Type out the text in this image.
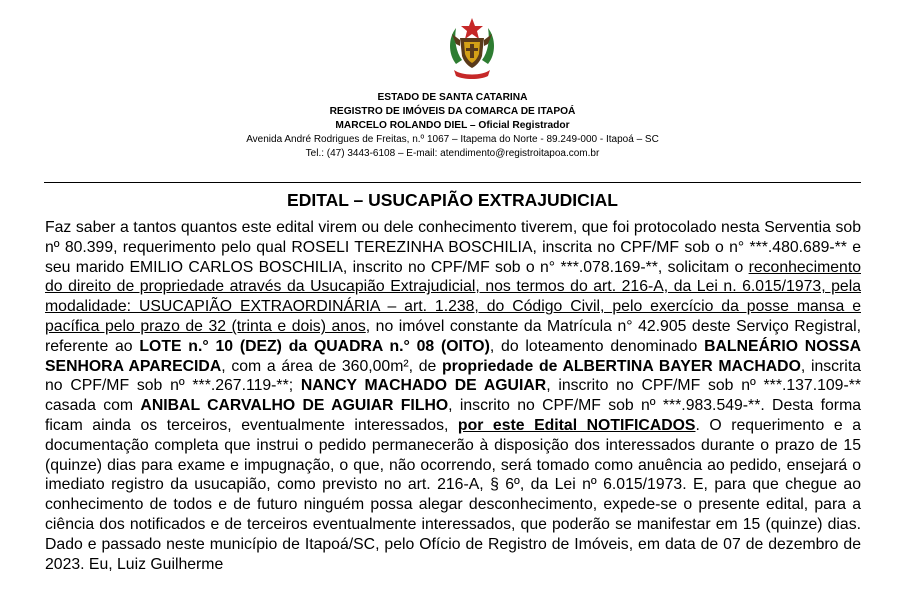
ESTADO DE SANTA CATARINA
REGISTRO DE IMÓVEIS DA COMARCA DE ITAPOÁ
MARCELO ROLANDO DIEL – Oficial Registrador
Avenida André Rodrigues de Freitas, n.º 1067 – Itapema do Norte - 89.249-000 - Itapoá – SC
Tel.: (47) 3443-6108 – E-mail: atendimento@registroitapoa.com.br
EDITAL – USUCAPIÃO EXTRAJUDICIAL
Faz saber a tantos quantos este edital virem ou dele conhecimento tiverem, que foi protocolado nesta Serventia sob nº 80.399, requerimento pelo qual ROSELI TEREZINHA BOSCHILIA, inscrita no CPF/MF sob o n° ***.480.689-** e seu marido EMILIO CARLOS BOSCHILIA, inscrito no CPF/MF sob o n° ***.078.169-**, solicitam o reconhecimento do direito de propriedade através da Usucapião Extrajudicial, nos termos do art. 216-A, da Lei n. 6.015/1973, pela modalidade: USUCAPIÃO EXTRAORDINÁRIA – art. 1.238, do Código Civil, pelo exercício da posse mansa e pacífica pelo prazo de 32 (trinta e dois) anos, no imóvel constante da Matrícula n° 42.905 deste Serviço Registral, referente ao LOTE n.° 10 (DEZ) da QUADRA n.° 08 (OITO), do loteamento denominado BALNEÁRIO NOSSA SENHORA APARECIDA, com a área de 360,00m², de propriedade de ALBERTINA BAYER MACHADO, inscrita no CPF/MF sob nº ***.267.119-**; NANCY MACHADO DE AGUIAR, inscrito no CPF/MF sob nº ***.137.109-** casada com ANIBAL CARVALHO DE AGUIAR FILHO, inscrito no CPF/MF sob nº ***.983.549-**. Desta forma ficam ainda os terceiros, eventualmente interessados, por este Edital NOTIFICADOS. O requerimento e a documentação completa que instrui o pedido permanecerão à disposição dos interessados durante o prazo de 15 (quinze) dias para exame e impugnação, o que, não ocorrendo, será tomado como anuência ao pedido, ensejará o imediato registro da usucapião, como previsto no art. 216-A, § 6º, da Lei nº 6.015/1973. E, para que chegue ao conhecimento de todos e de futuro ninguém possa alegar desconhecimento, expede-se o presente edital, para a ciência dos notificados e de terceiros eventualmente interessados, que poderão se manifestar em 15 (quinze) dias. Dado e passado neste município de Itapoá/SC, pelo Ofício de Registro de Imóveis, em data de 07 de dezembro de 2023. Eu, Luiz Guilherme
